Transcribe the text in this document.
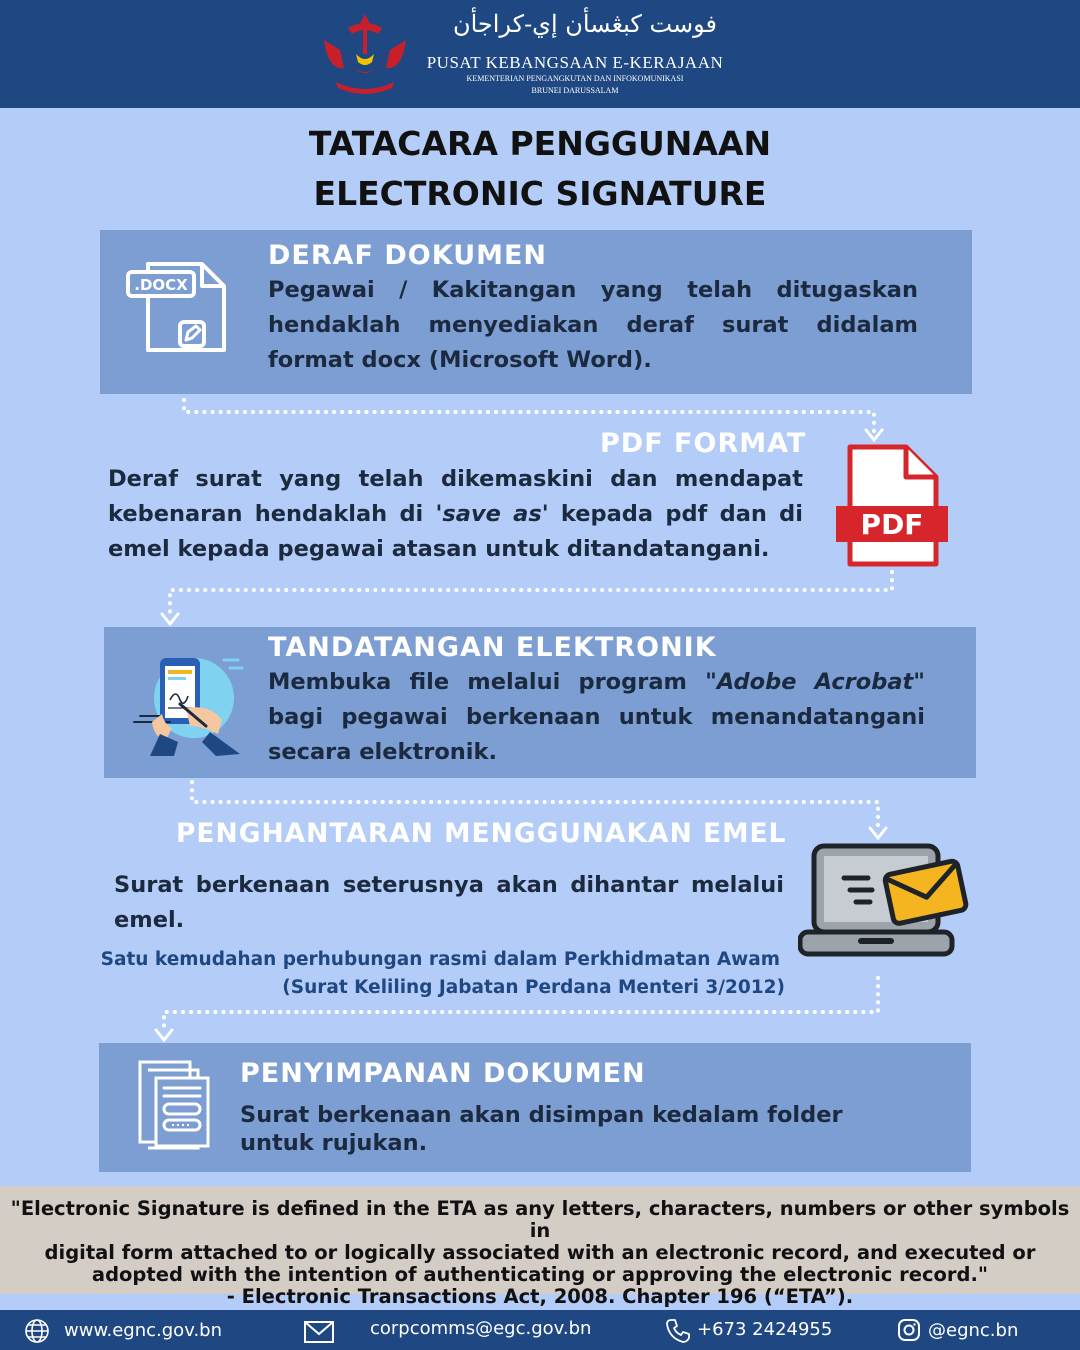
فوست كبڠسأن إي-كراجأن
PUSAT KEBANGSAAN E-KERAJAAN
KEMENTERIAN PENGANGKUTAN DAN INFOKOMUNIKASI
BRUNEI DARUSSALAM
TATACARA PENGGUNAAN
ELECTRONIC SIGNATURE
.DOCX
DERAF DOKUMEN
Pegawai / Kakitangan yang telah ditugaskan hendaklah menyediakan deraf surat didalam format docx (Microsoft Word).
PDF FORMAT
Deraf surat yang telah dikemaskini dan mendapat kebenaran hendaklah di 'save as' kepada pdf dan di emel kepada pegawai atasan untuk ditandatangani.
PDF
TANDATANGAN ELEKTRONIK
Membuka file melalui program "Adobe Acrobat" bagi pegawai berkenaan untuk menandatangani secara elektronik.
PENGHANTARAN MENGGUNAKAN EMEL
Surat berkenaan seterusnya akan dihantar melalui emel.
Satu kemudahan perhubungan rasmi dalam Perkhidmatan Awam
(Surat Keliling Jabatan Perdana Menteri 3/2012)
PENYIMPANAN DOKUMEN
Surat berkenaan akan disimpan kedalam folder untuk rujukan.
"Electronic Signature is defined in the ETA as any letters, characters, numbers or other symbols in
digital form attached to or logically associated with an electronic record, and executed or
adopted with the intention of authenticating or approving the electronic record."
- Electronic Transactions Act, 2008. Chapter 196 (“ETA”).
www.egnc.gov.bn	corpcomms@egc.gov.bn	+673 2424955	@egnc.bn
